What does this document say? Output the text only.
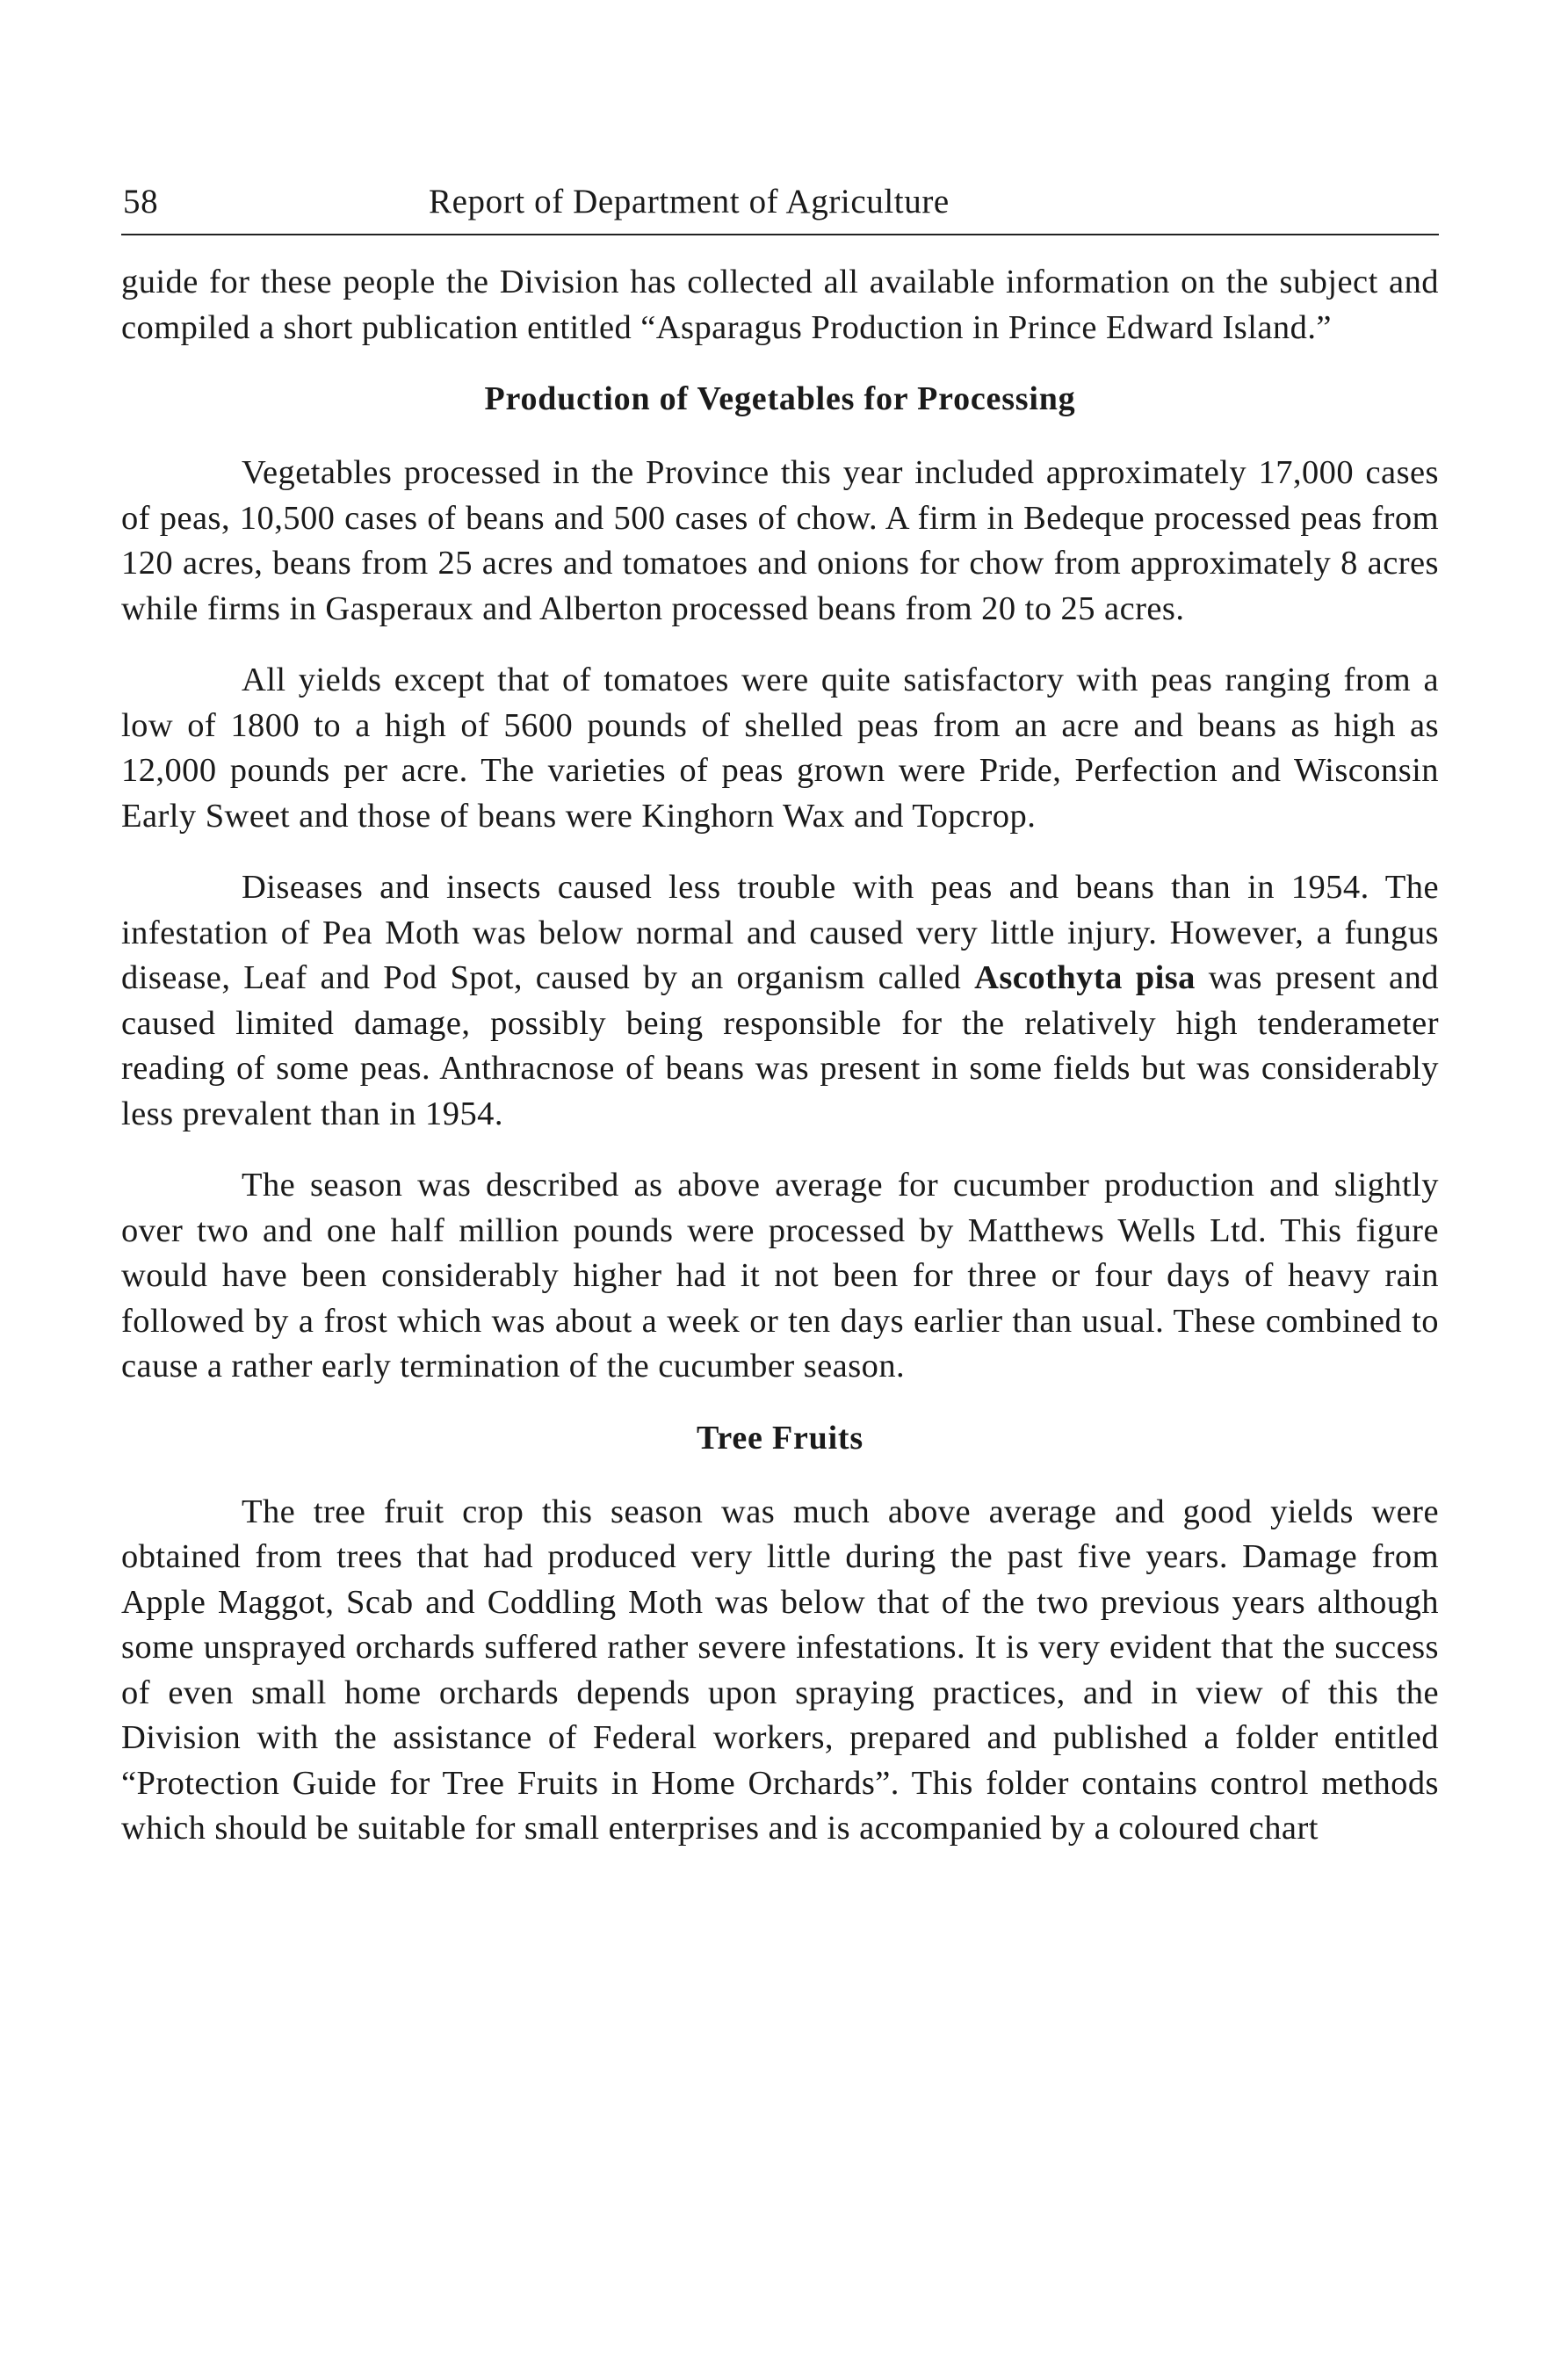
58	Report of Department of Agriculture

guide for these people the Division has collected all available information on the subject and compiled a short publication entitled “Asparagus Production in Prince Edward Island.”

Production of Vegetables for Processing

Vegetables processed in the Province this year included approximately 17,000 cases of peas, 10,500 cases of beans and 500 cases of chow. A firm in Bedeque processed peas from 120 acres, beans from 25 acres and tomatoes and onions for chow from approximately 8 acres while firms in Gasperaux and Alberton processed beans from 20 to 25 acres.

All yields except that of tomatoes were quite satisfactory with peas ranging from a low of 1800 to a high of 5600 pounds of shelled peas from an acre and beans as high as 12,000 pounds per acre. The varieties of peas grown were Pride, Perfection and Wisconsin Early Sweet and those of beans were Kinghorn Wax and Topcrop.

Diseases and insects caused less trouble with peas and beans than in 1954. The infestation of Pea Moth was below normal and caused very little injury. However, a fungus disease, Leaf and Pod Spot, caused by an organism called Ascothyta pisa was present and caused limited damage, possibly being responsible for the relatively high tenderameter reading of some peas. Anthracnose of beans was present in some fields but was considerably less prevalent than in 1954.

The season was described as above average for cucumber production and slightly over two and one half million pounds were processed by Matthews Wells Ltd. This figure would have been considerably higher had it not been for three or four days of heavy rain followed by a frost which was about a week or ten days earlier than usual. These combined to cause a rather early termination of the cucumber season.

Tree Fruits

The tree fruit crop this season was much above average and good yields were obtained from trees that had produced very little during the past five years. Damage from Apple Maggot, Scab and Coddling Moth was below that of the two previous years although some unsprayed orchards suffered rather severe infestations. It is very evident that the success of even small home orchards depends upon spraying practices, and in view of this the Division with the assistance of Federal workers, prepared and published a folder entitled “Protection Guide for Tree Fruits in Home Orchards”. This folder contains control methods which should be suitable for small enterprises and is accompanied by a coloured chart
